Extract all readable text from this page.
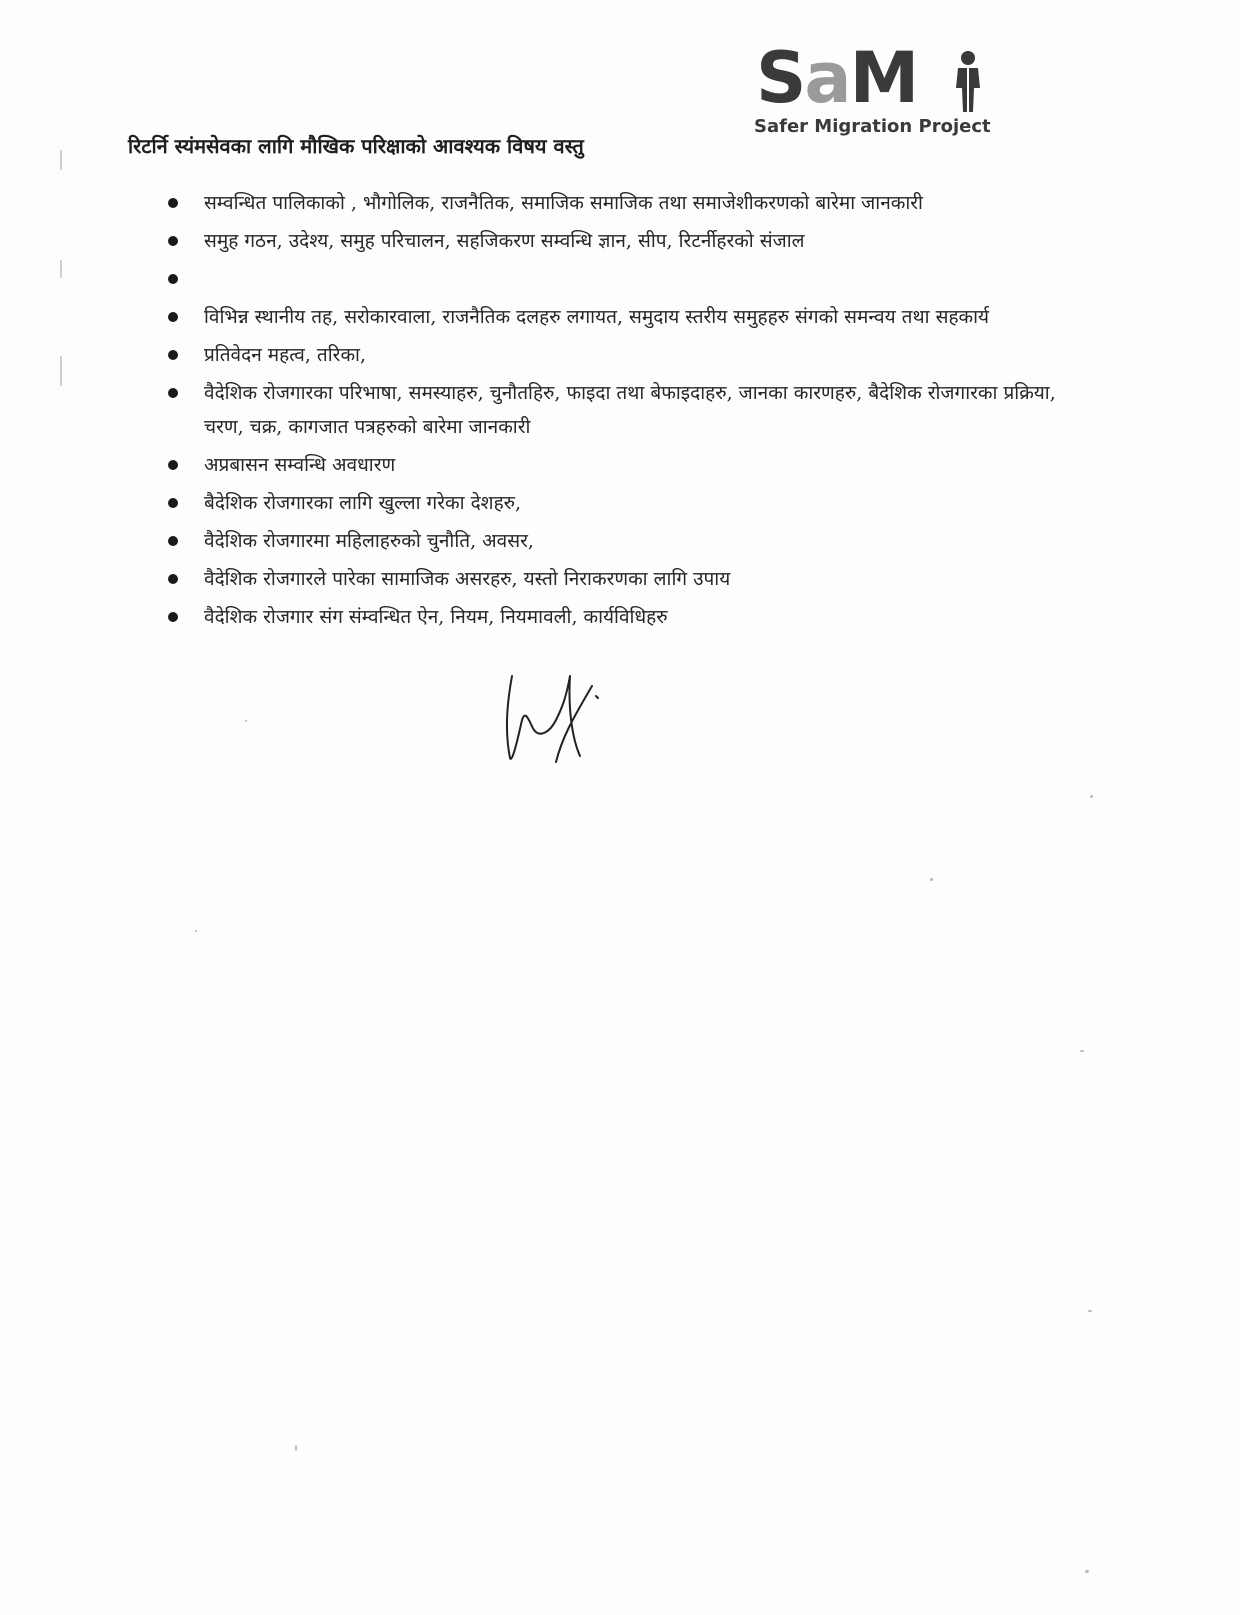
SaM
Safer Migration Project
रिटर्नि स्यंमसेवका लागि मौखिक परिक्षाको आवश्यक विषय वस्तु
सम्वन्धित पालिकाको , भौगोलिक, राजनैतिक, समाजिक समाजिक तथा समाजेशीकरणको बारेमा जानकारी
समुह गठन, उदेश्य, समुह परिचालन, सहजिकरण सम्वन्धि ज्ञान, सीप, रिटर्नीहरको संजाल
विभिन्न स्थानीय तह, सरोकारवाला, राजनैतिक दलहरु लगायत, समुदाय स्तरीय समुहहरु संगको समन्वय तथा सहकार्य
प्रतिवेदन महत्व, तरिका,
वैदेशिक रोजगारका परिभाषा, समस्याहरु, चुनौतहिरु, फाइदा तथा बेफाइदाहरु, जानका कारणहरु, बैदेशिक रोजगारका प्रक्रिया, चरण, चक्र, कागजात पत्रहरुको बारेमा जानकारी
अप्रबासन सम्वन्धि अवधारण
बैदेशिक रोजगारका लागि खुल्ला गरेका देशहरु,
वैदेशिक रोजगारमा महिलाहरुको चुनौति, अवसर,
वैदेशिक रोजगारले पारेका सामाजिक असरहरु, यस्तो निराकरणका लागि उपाय
वैदेशिक रोजगार संग संम्वन्धित ऐन, नियम, नियमावली, कार्यविधिहरु
